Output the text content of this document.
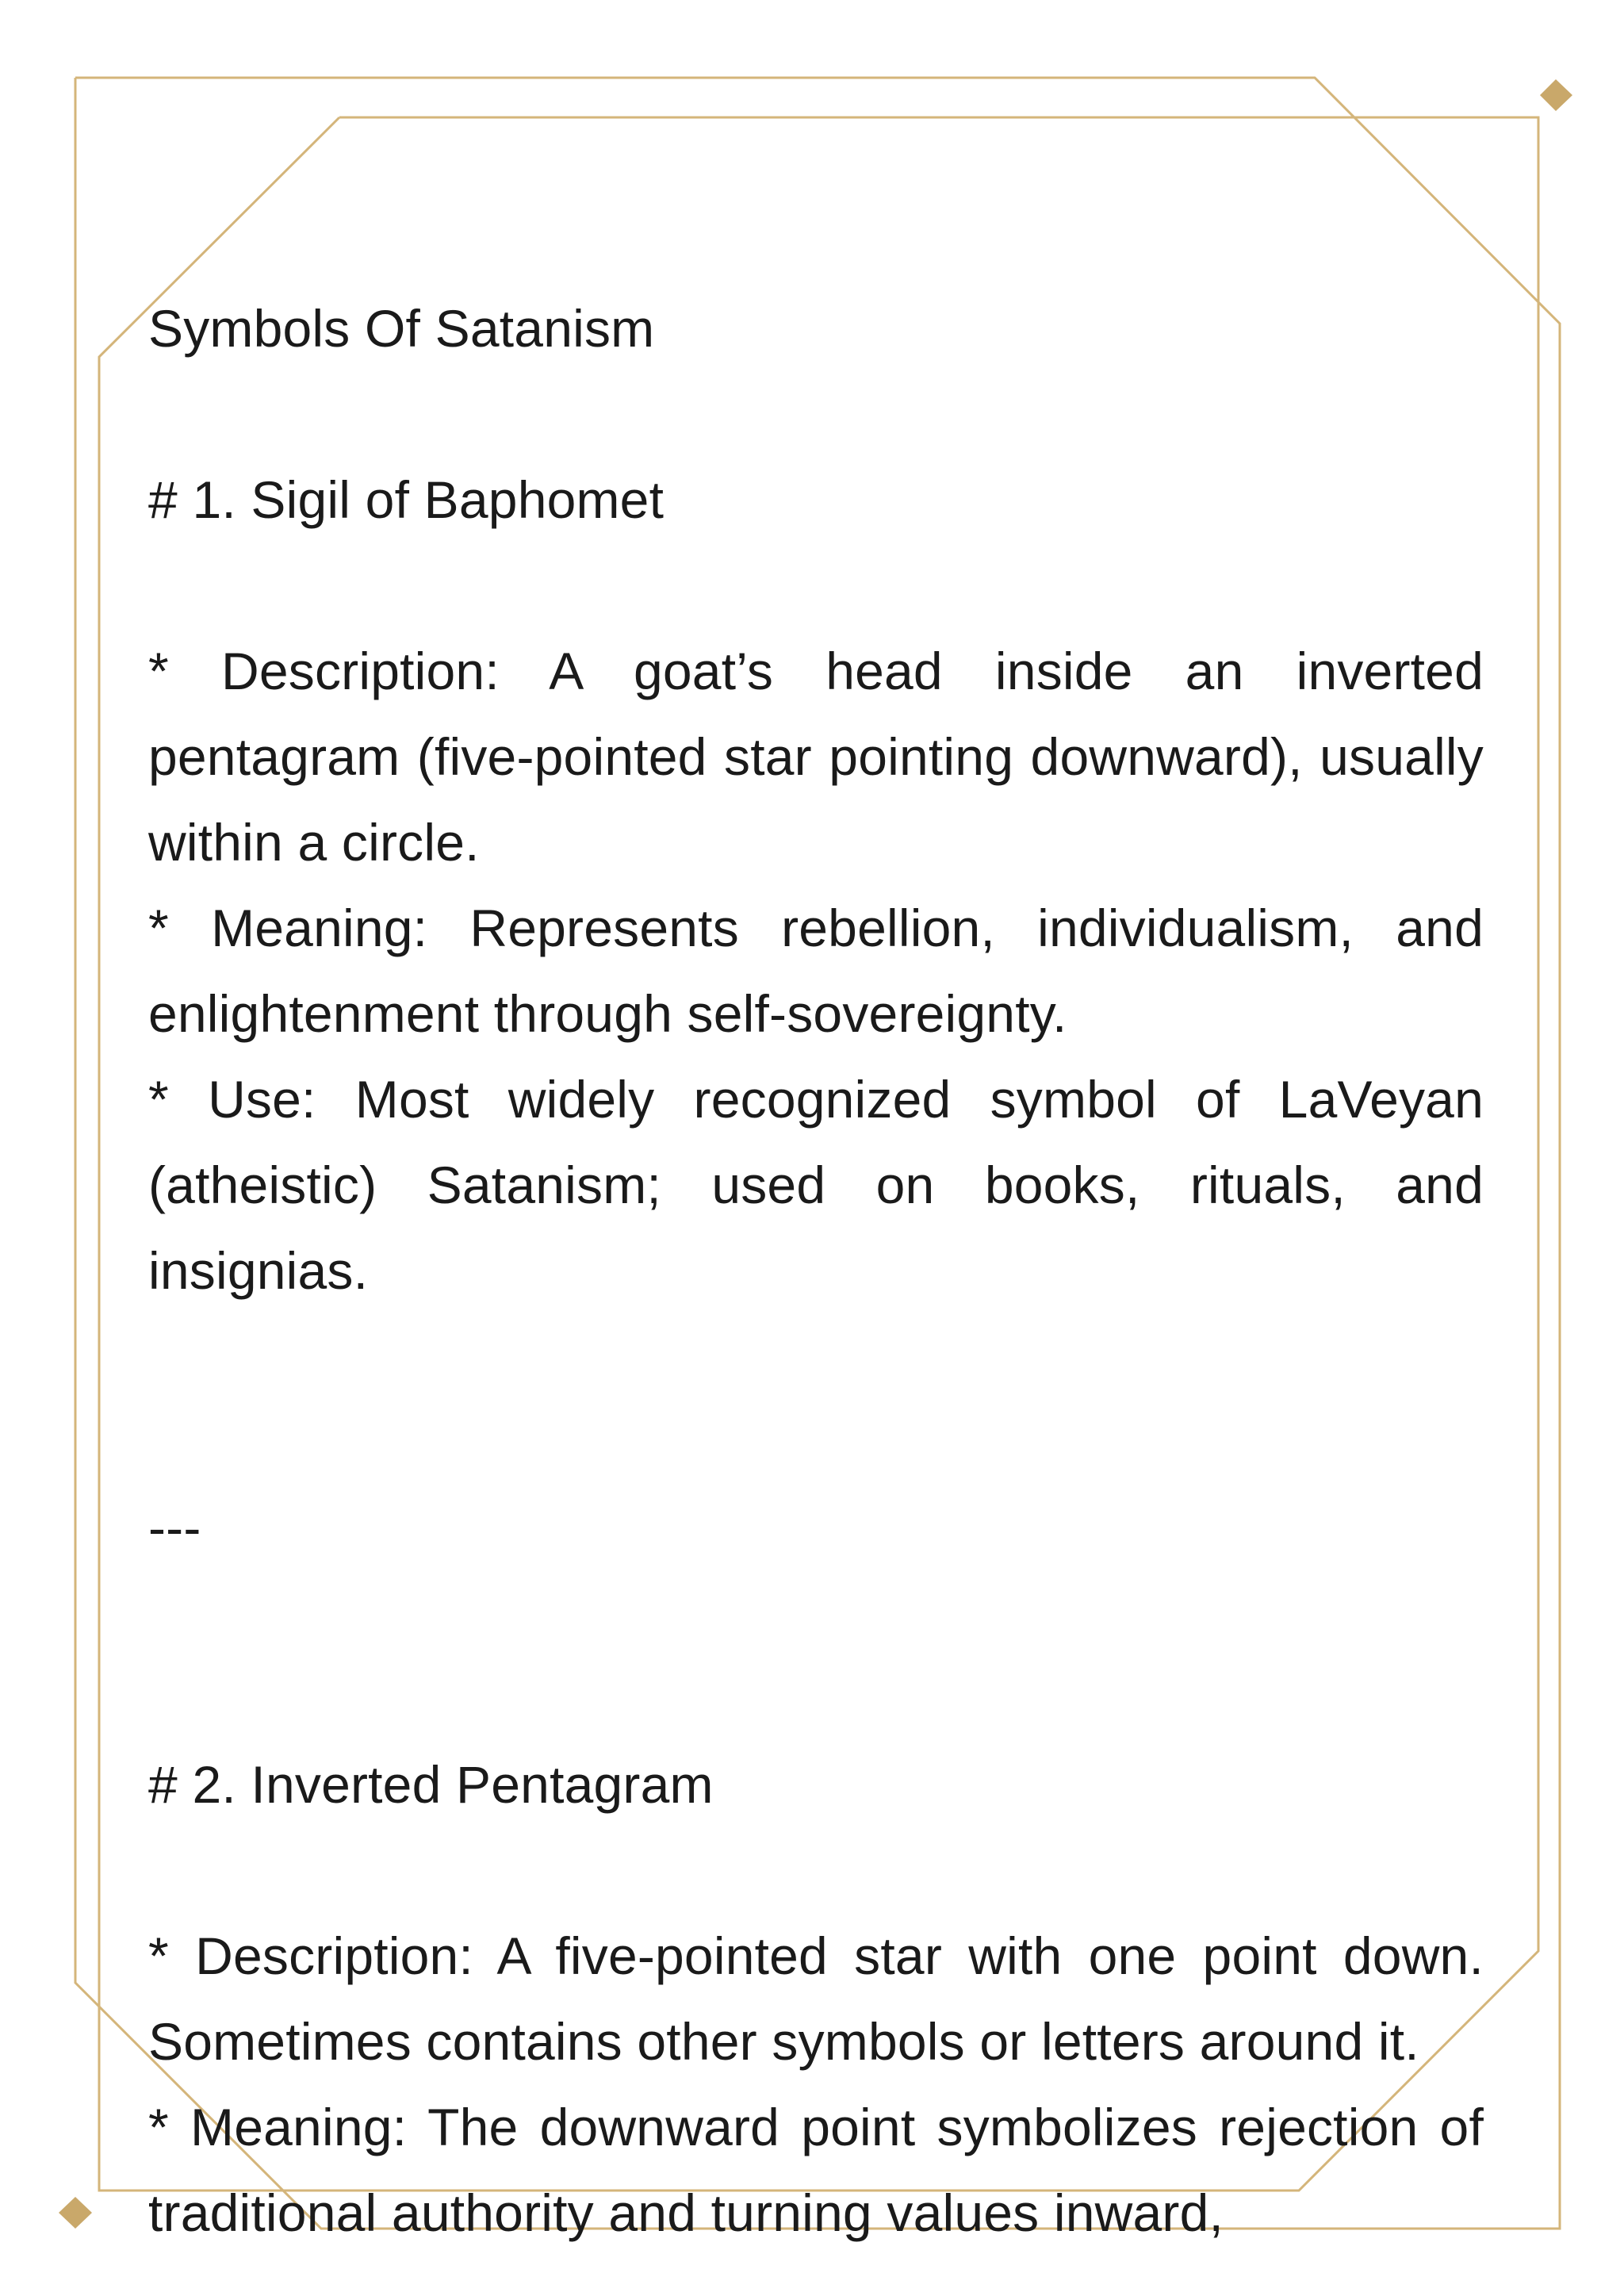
Symbols Of Satanism

# 1. Sigil of Baphomet

* Description: A goat’s head inside an inverted pentagram (five-pointed star pointing downward), usually within a circle.

* Meaning: Represents rebellion, individualism, and enlightenment through self-sovereignty.

* Use: Most widely recognized symbol of LaVeyan (atheistic) Satanism; used on books, rituals, and insignias.

---

# 2. Inverted Pentagram

* Description: A five-pointed star with one point down. Sometimes contains other symbols or letters around it.

* Meaning: The downward point symbolizes rejection of traditional authority and turning values inward,
